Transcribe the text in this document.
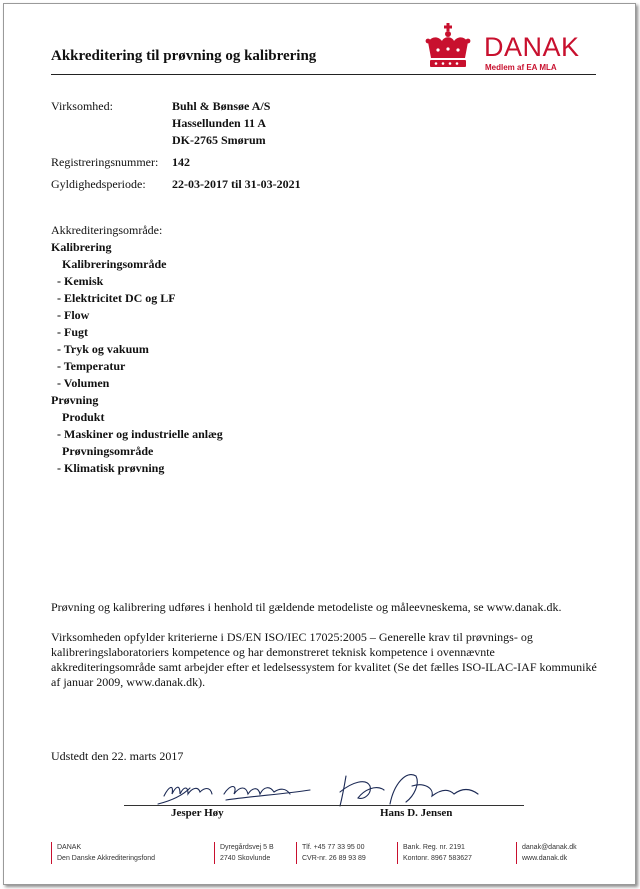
Akkreditering til prøvning og kalibrering	DANAK
Medlem af EA MLA
Virksomhed:	Buhl & Bønsøe A/S
Hassellunden 11 A
DK-2765 Smørum
Registreringsnummer: 142
Gyldighedsperiode: 22-03-2017 til 31-03-2021
Akkrediteringsområde:
Kalibrering
Kalibreringsområde
- Kemisk
- Elektricitet DC og LF
- Flow
- Fugt
- Tryk og vakuum
- Temperatur
- Volumen
Prøvning
Produkt
- Maskiner og industrielle anlæg
Prøvningsområde
- Klimatisk prøvning
Prøvning og kalibrering udføres i henhold til gældende metodeliste og måleevneskema, se www.danak.dk.
Virksomheden opfylder kriterierne i DS/EN ISO/IEC 17025:2005 – Generelle krav til prøvnings- og kalibreringslaboratoriers kompetence og har demonstreret teknisk kompetence i ovennævnte akkrediteringsområde samt arbejder efter et ledelsessystem for kvalitet (Se det fælles ISO-ILAC-IAF kommuniké af januar 2009, www.danak.dk).
Udstedt den 22. marts 2017
Jesper Høy	Hans D. Jensen
DANAK
Den Danske Akkrediteringsfond
Dyregårdsvej 5 B
2740 Skovlunde
Tlf. +45 77 33 95 00
CVR-nr. 26 89 93 89
Bank. Reg. nr. 2191
Kontonr. 8967 583627
danak@danak.dk
www.danak.dk
